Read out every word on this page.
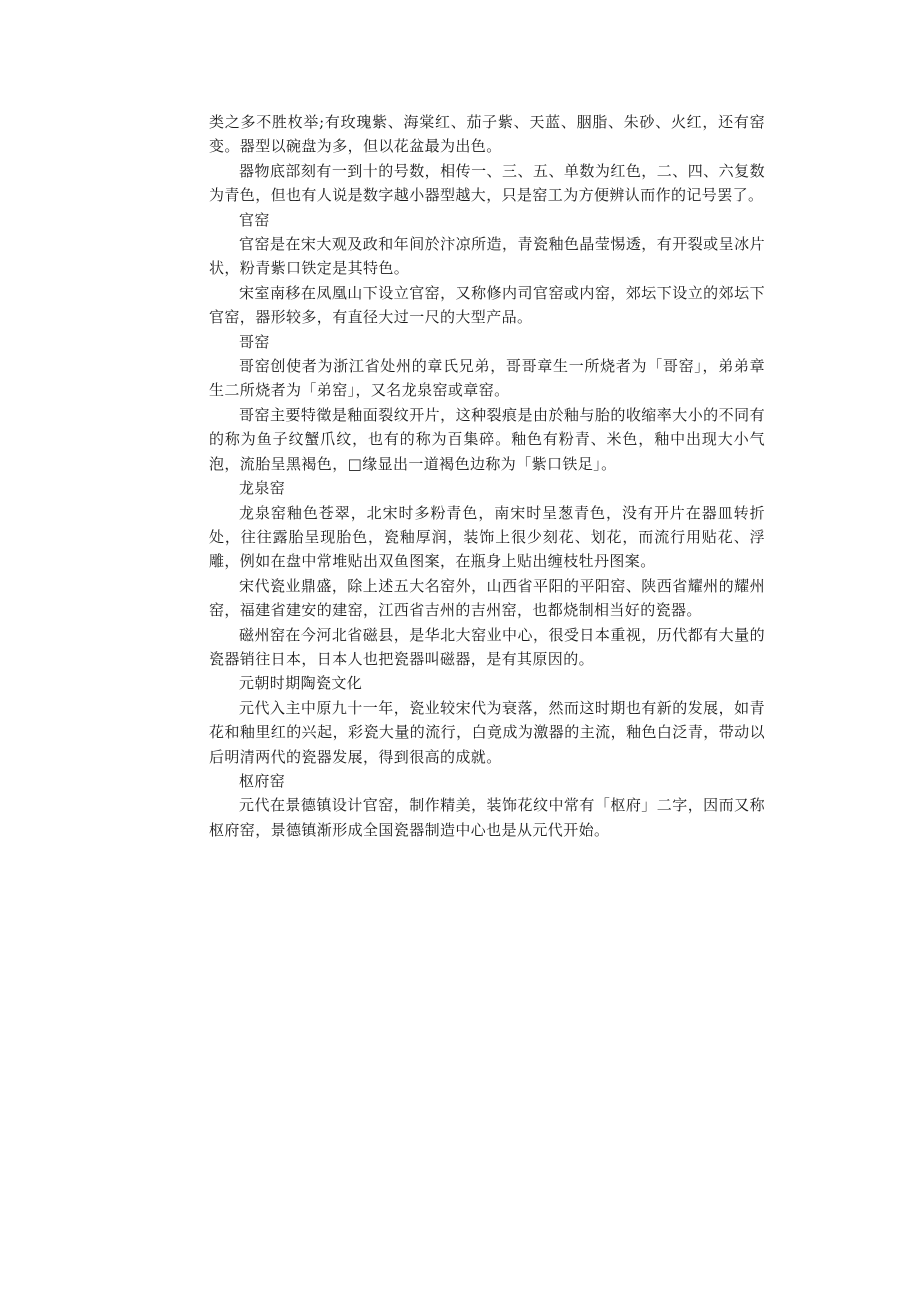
类之多不胜枚举;有玫瑰紫、海棠红、茄子紫、天蓝、胭脂、朱砂、火红，还有窑变。器型以碗盘为多，但以花盆最为出色。

器物底部刻有一到十的号数，相传一、三、五、单数为红色，二、四、六复数为青色，但也有人说是数字越小器型越大，只是窑工为方便辨认而作的记号罢了。

官窑

官窑是在宋大观及政和年间於汴凉所造，青瓷釉色晶莹惕透，有开裂或呈冰片状，粉青紫口铁定是其特色。

宋室南移在凤凰山下设立官窑，又称修内司官窑或内窑，郊坛下设立的郊坛下官窑，器形较多，有直径大过一尺的大型产品。

哥窑

哥窑创使者为浙江省处州的章氏兄弟，哥哥章生一所烧者为「哥窑」，弟弟章生二所烧者为「弟窑」，又名龙泉窑或章窑。

哥窑主要特徵是釉面裂纹开片，这种裂痕是由於釉与胎的收缩率大小的不同有的称为鱼子纹蟹爪纹，也有的称为百集碎。釉色有粉青、米色，釉中出现大小气泡，流胎呈黑褐色，□缘显出一道褐色边称为「紫口铁足」。

龙泉窑

龙泉窑釉色苍翠，北宋时多粉青色，南宋时呈葱青色，没有开片在器皿转折处，往往露胎呈现胎色，瓷釉厚润，装饰上很少刻花、划花，而流行用贴花、浮雕，例如在盘中常堆贴出双鱼图案，在瓶身上贴出缠枝牡丹图案。

宋代瓷业鼎盛，除上述五大名窑外，山西省平阳的平阳窑、陕西省耀州的耀州窑，福建省建安的建窑，江西省吉州的吉州窑，也都烧制相当好的瓷器。

磁州窑在今河北省磁县，是华北大窑业中心，很受日本重视，历代都有大量的瓷器销往日本，日本人也把瓷器叫磁器，是有其原因的。

元朝时期陶瓷文化

元代入主中原九十一年，瓷业较宋代为衰落，然而这时期也有新的发展，如青花和釉里红的兴起，彩瓷大量的流行，白竟成为激器的主流，釉色白泛青，带动以后明清两代的瓷器发展，得到很高的成就。

枢府窑

元代在景德镇设计官窑，制作精美，装饰花纹中常有「枢府」二字，因而又称枢府窑，景德镇渐形成全国瓷器制造中心也是从元代开始。
